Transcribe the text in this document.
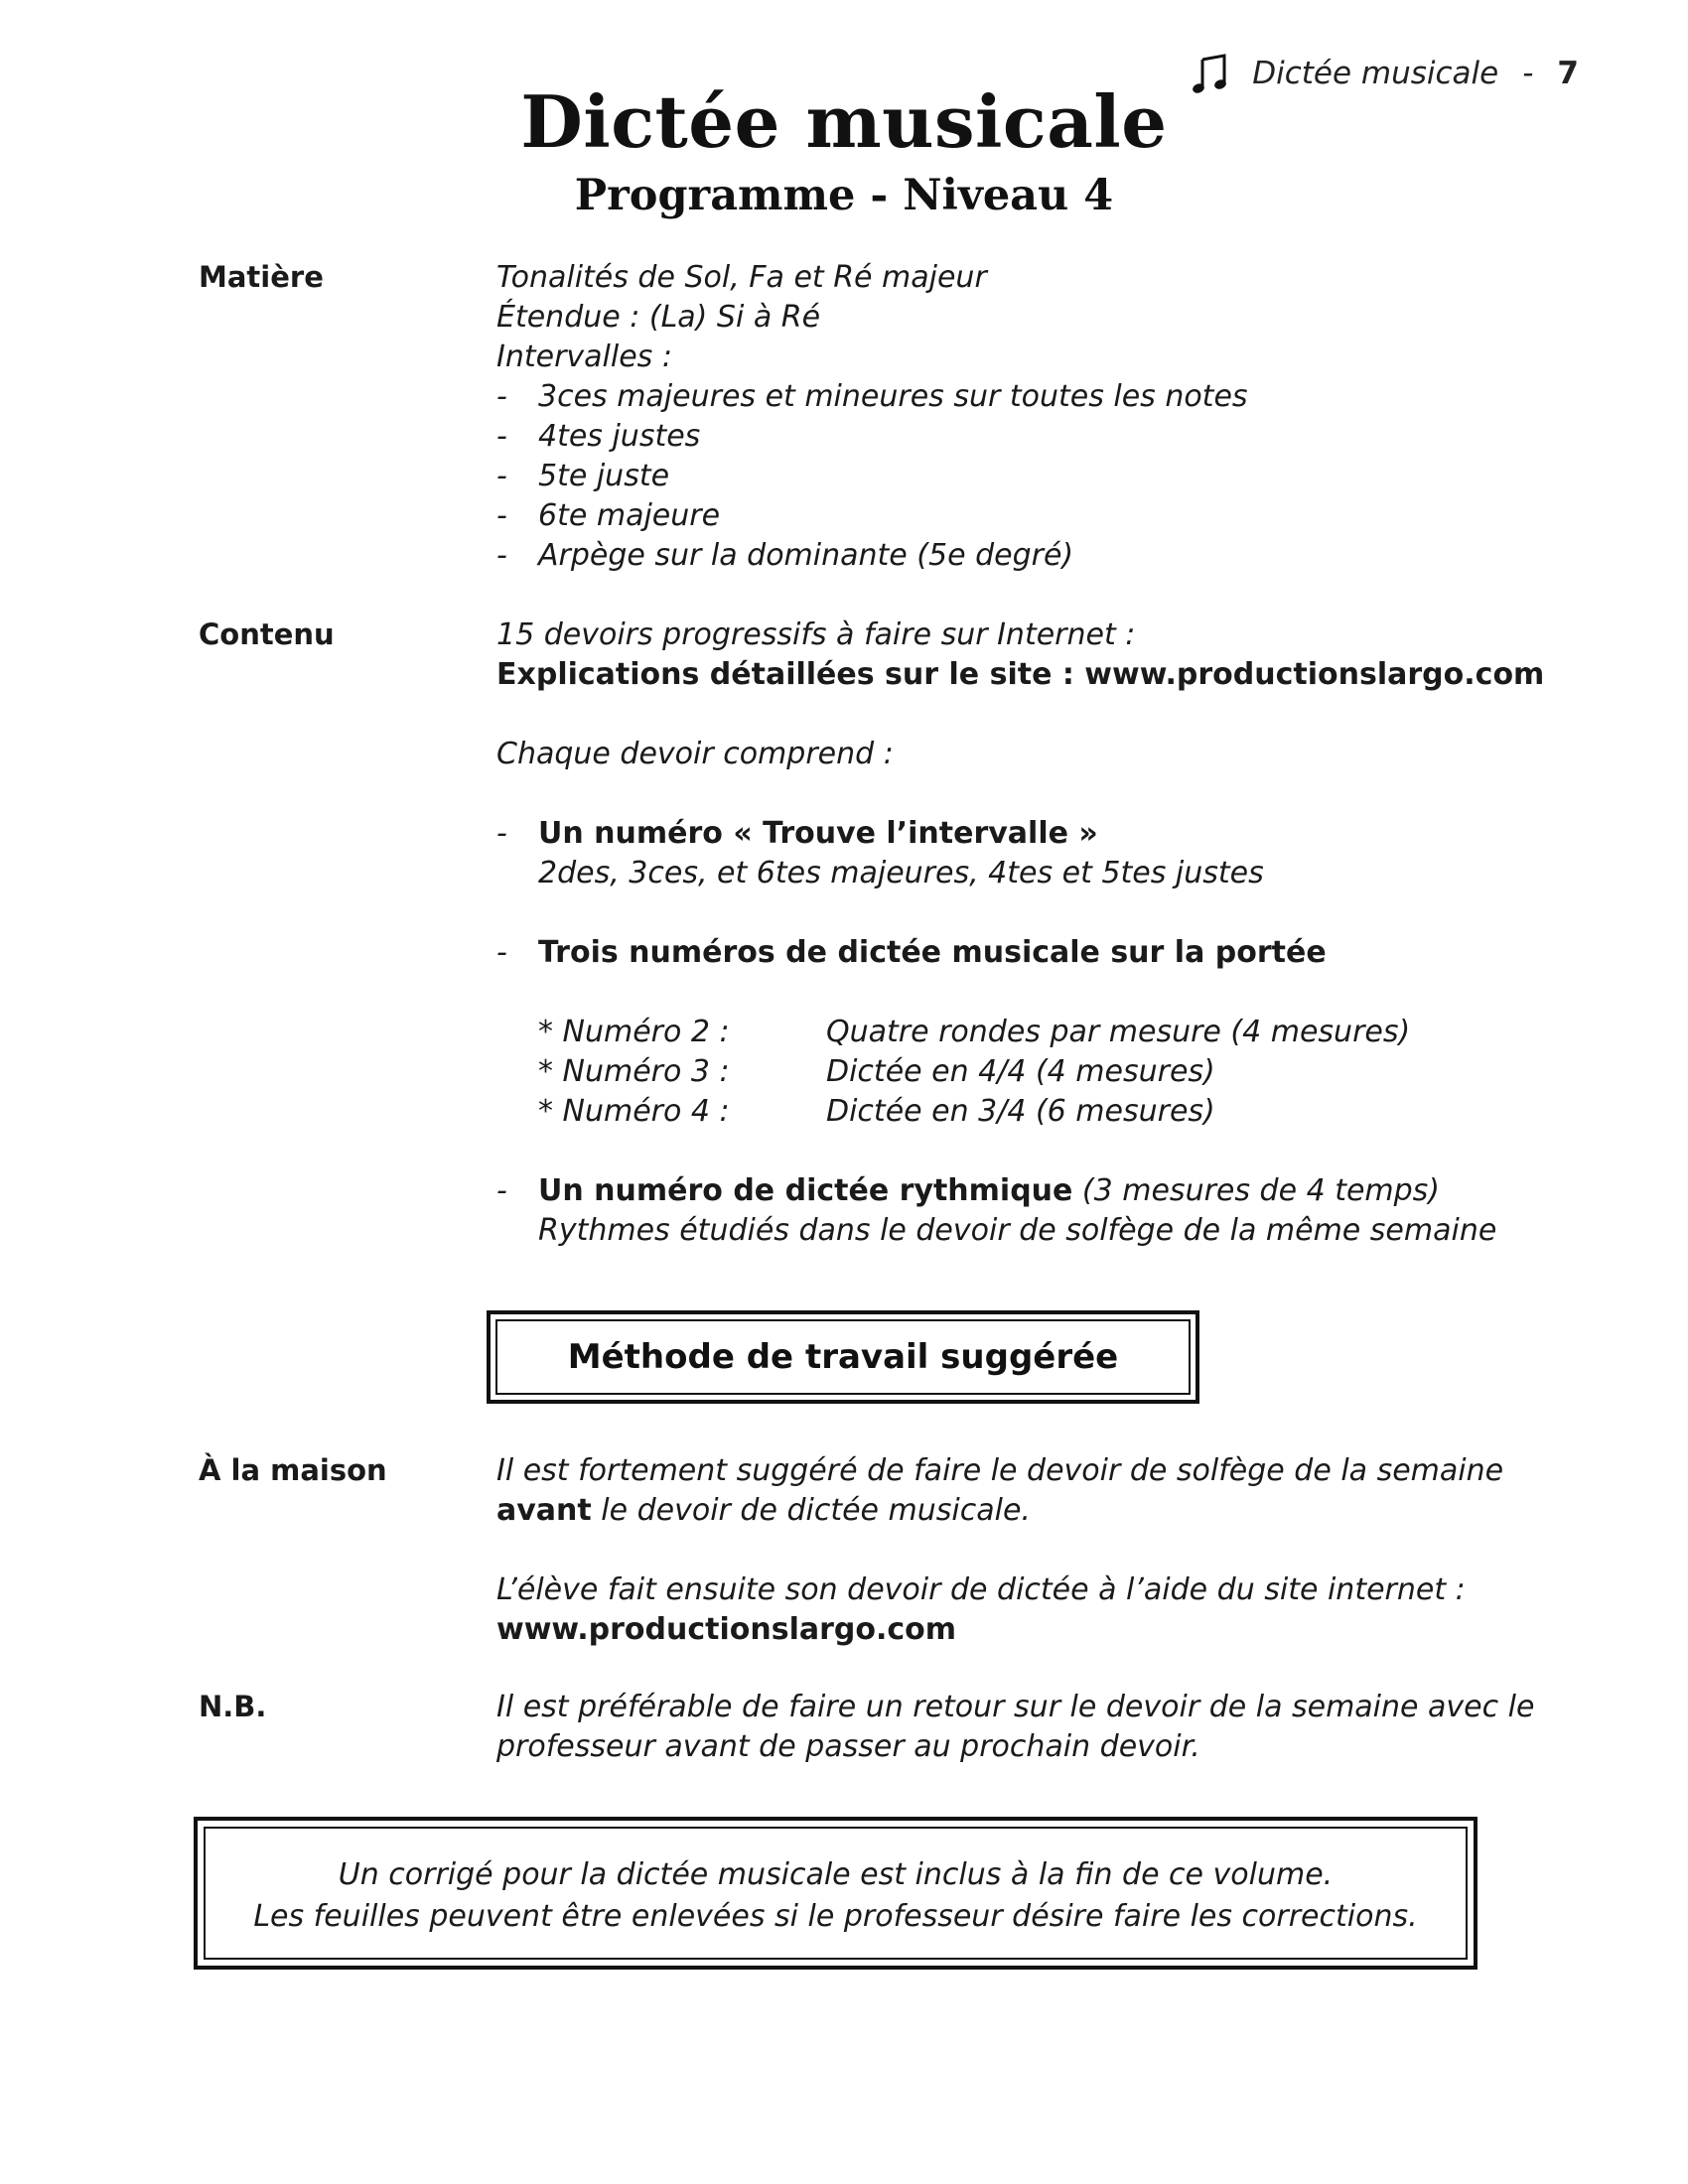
Dictée musicale - 7
Dictée musicale
Programme - Niveau 4
Matière	Tonalités de Sol, Fa et Ré majeur
Étendue : (La) Si à Ré
Intervalles :
- 3ces majeures et mineures sur toutes les notes
- 4tes justes
- 5te juste
- 6te majeure
- Arpège sur la dominante (5e degré)
Contenu	15 devoirs progressifs à faire sur Internet :
Explications détaillées sur le site : www.productionslargo.com
Chaque devoir comprend :
- Un numéro « Trouve l’intervalle »
2des, 3ces, et 6tes majeures, 4tes et 5tes justes
- Trois numéros de dictée musicale sur la portée
* Numéro 2 :	Quatre rondes par mesure (4 mesures)
* Numéro 3 :	Dictée en 4/4 (4 mesures)
* Numéro 4 :	Dictée en 3/4 (6 mesures)
- Un numéro de dictée rythmique (3 mesures de 4 temps)
Rythmes étudiés dans le devoir de solfège de la même semaine
Méthode de travail suggérée
À la maison	Il est fortement suggéré de faire le devoir de solfège de la semaine
avant le devoir de dictée musicale.
L’élève fait ensuite son devoir de dictée à l’aide du site internet :
www.productionslargo.com
N.B.	Il est préférable de faire un retour sur le devoir de la semaine avec le
professeur avant de passer au prochain devoir.
Un corrigé pour la dictée musicale est inclus à la fin de ce volume.
Les feuilles peuvent être enlevées si le professeur désire faire les corrections.
